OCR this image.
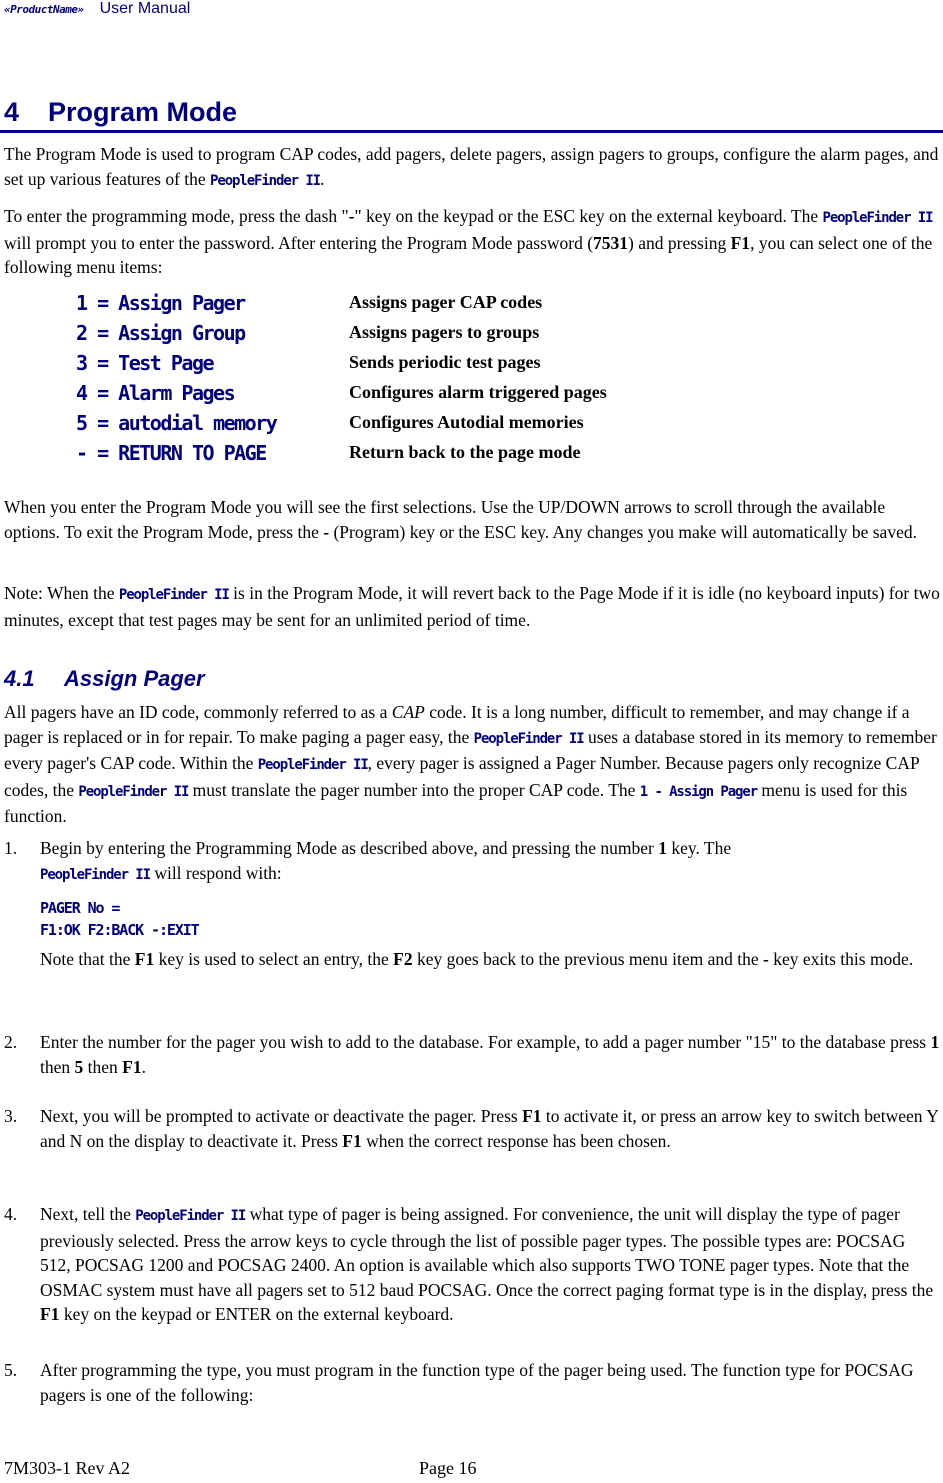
«ProductName» User Manual
4 Program Mode

The Program Mode is used to program CAP codes, add pagers, delete pagers, assign pagers to groups, configure the alarm pages, and set up various features of the PeopleFinder II.

To enter the programming mode, press the dash "-" key on the keypad or the ESC key on the external keyboard. The PeopleFinder II will prompt you to enter the password. After entering the Program Mode password (7531) and pressing F1, you can select one of the following menu items:

1 = Assign Pager	Assigns pager CAP codes
2 = Assign Group	Assigns pagers to groups
3 = Test Page	Sends periodic test pages
4 = Alarm Pages	Configures alarm triggered pages
5 = autodial memory	Configures Autodial memories
- = RETURN TO PAGE	Return back to the page mode

When you enter the Program Mode you will see the first selections. Use the UP/DOWN arrows to scroll through the available options. To exit the Program Mode, press the - (Program) key or the ESC key. Any changes you make will automatically be saved.

Note: When the PeopleFinder II is in the Program Mode, it will revert back to the Page Mode if it is idle (no keyboard inputs) for two minutes, except that test pages may be sent for an unlimited period of time.

4.1 Assign Pager

All pagers have an ID code, commonly referred to as a CAP code. It is a long number, difficult to remember, and may change if a pager is replaced or in for repair. To make paging a pager easy, the PeopleFinder II uses a database stored in its memory to remember every pager's CAP code. Within the PeopleFinder II, every pager is assigned a Pager Number. Because pagers only recognize CAP codes, the PeopleFinder II must translate the pager number into the proper CAP code. The 1 - Assign Pager menu is used for this function.

1. Begin by entering the Programming Mode as described above, and pressing the number 1 key. The
PeopleFinder II will respond with:
PAGER No =
F1:OK F2:BACK -:EXIT
Note that the F1 key is used to select an entry, the F2 key goes back to the previous menu item and the - key exits this mode.
2. Enter the number for the pager you wish to add to the database. For example, to add a pager number "15" to the database press 1 then 5 then F1.
3. Next, you will be prompted to activate or deactivate the pager. Press F1 to activate it, or press an arrow key to switch between Y and N on the display to deactivate it. Press F1 when the correct response has been chosen.
4. Next, tell the PeopleFinder II what type of pager is being assigned. For convenience, the unit will display the type of pager previously selected. Press the arrow keys to cycle through the list of possible pager types. The possible types are: POCSAG 512, POCSAG 1200 and POCSAG 2400. An option is available which also supports TWO TONE pager types. Note that the OSMAC system must have all pagers set to 512 baud POCSAG. Once the correct paging format type is in the display, press the F1 key on the keypad or ENTER on the external keyboard.
5. After programming the type, you must program in the function type of the pager being used. The function type for POCSAG pagers is one of the following:
7M303-1 Rev A2	Page 16
